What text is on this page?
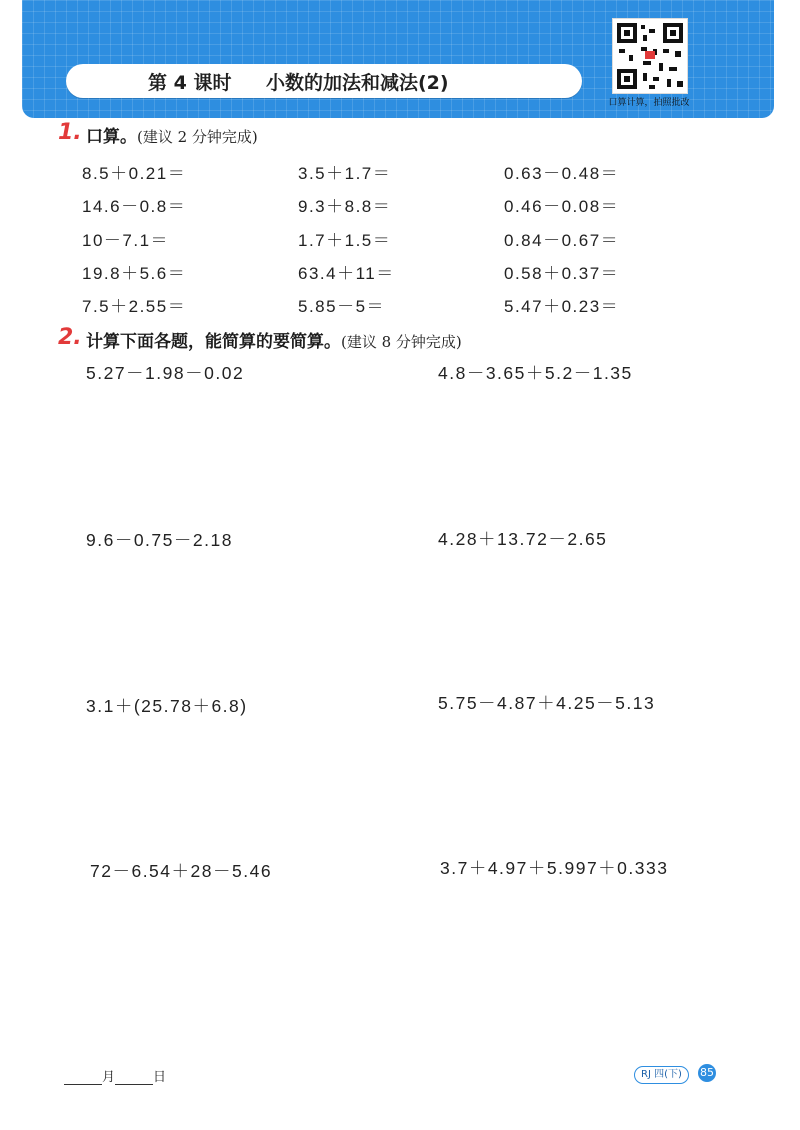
第 4 课时 小数的加法和减法(2)
口算计算，拍照批改
1. 口算。(建议 2 分钟完成)
8.5＋0.21＝	3.5＋1.7＝	0.63－0.48＝
14.6－0.8＝	9.3＋8.8＝	0.46－0.08＝
10－7.1＝	1.7＋1.5＝	0.84－0.67＝
19.8＋5.6＝	63.4＋11＝	0.58＋0.37＝
7.5＋2.55＝	5.85－5＝	5.47＋0.23＝
2. 计算下面各题，能简算的要简算。(建议 8 分钟完成)
5.27－1.98－0.02	4.8－3.65＋5.2－1.35
9.6－0.75－2.18	4.28＋13.72－2.65
3.1＋(25.78＋6.8)	5.75－4.87＋4.25－5.13
72－6.54＋28－5.46	3.7＋4.97＋5.997＋0.333
月	日	RJ 四(下)	85
